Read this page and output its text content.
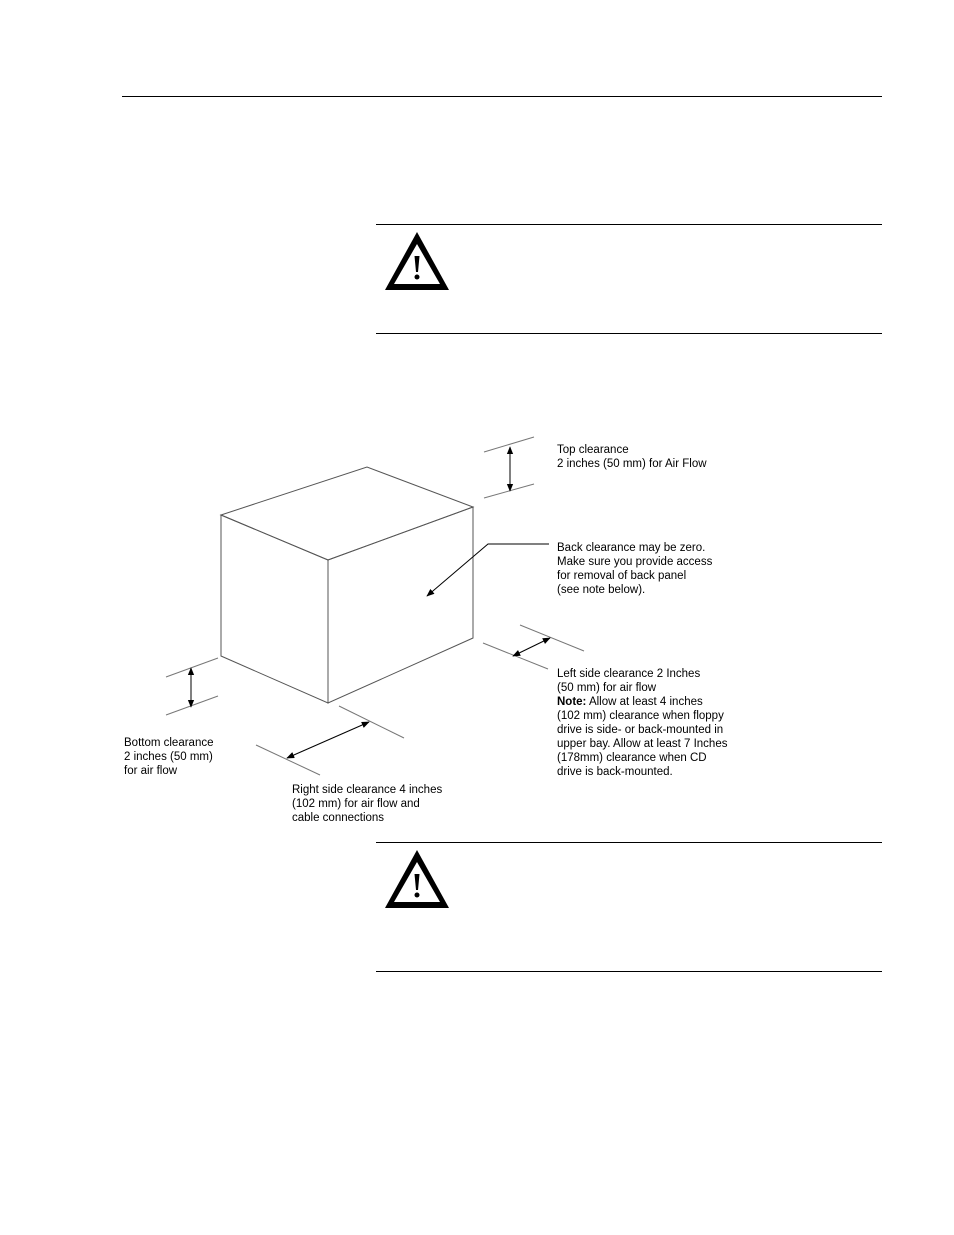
Top clearance
2 inches (50 mm) for Air Flow
Back clearance may be zero.
Make sure you provide access
for removal of back panel
(see note below).
Left side clearance 2 Inches
(50 mm) for air flow
Note: Allow at least 4 inches
(102 mm) clearance when floppy
drive is side- or back-mounted in
upper bay. Allow at least 7 Inches
(178mm) clearance when CD
drive is back-mounted.
Bottom clearance
2 inches (50 mm)
for air flow
Right side clearance 4 inches
(102 mm) for air flow and
cable connections
